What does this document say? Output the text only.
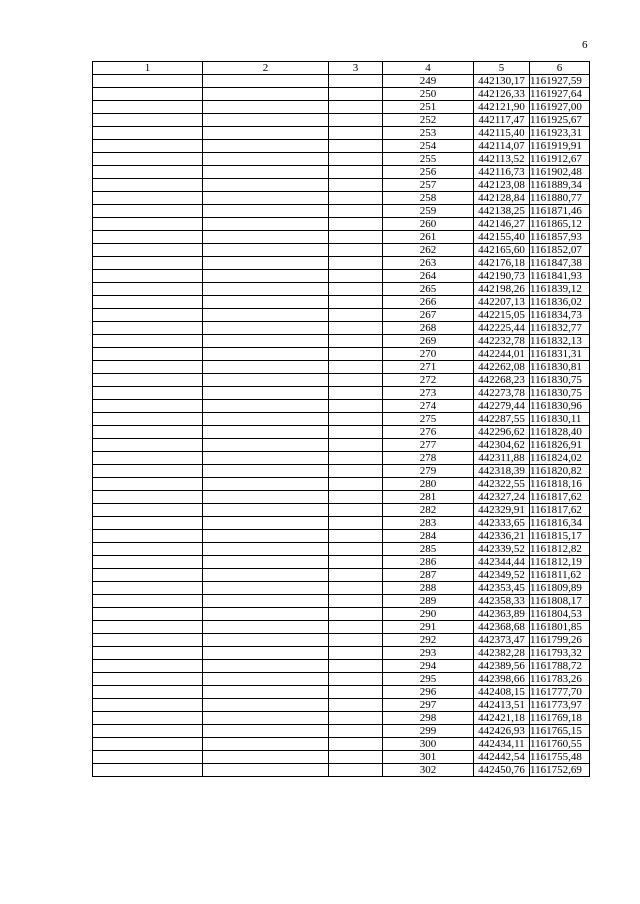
6
1	2	3	4	5	6
			249	442130,17	1161927,59
			250	442126,33	1161927,64
			251	442121,90	1161927,00
			252	442117,47	1161925,67
			253	442115,40	1161923,31
			254	442114,07	1161919,91
			255	442113,52	1161912,67
			256	442116,73	1161902,48
			257	442123,08	1161889,34
			258	442128,84	1161880,77
			259	442138,25	1161871,46
			260	442146,27	1161865,12
			261	442155,40	1161857,93
			262	442165,60	1161852,07
			263	442176,18	1161847,38
			264	442190,73	1161841,93
			265	442198,26	1161839,12
			266	442207,13	1161836,02
			267	442215,05	1161834,73
			268	442225,44	1161832,77
			269	442232,78	1161832,13
			270	442244,01	1161831,31
			271	442262,08	1161830,81
			272	442268,23	1161830,75
			273	442273,78	1161830,75
			274	442279,44	1161830,96
			275	442287,55	1161830,11
			276	442296,62	1161828,40
			277	442304,62	1161826,91
			278	442311,88	1161824,02
			279	442318,39	1161820,82
			280	442322,55	1161818,16
			281	442327,24	1161817,62
			282	442329,91	1161817,62
			283	442333,65	1161816,34
			284	442336,21	1161815,17
			285	442339,52	1161812,82
			286	442344,44	1161812,19
			287	442349,52	1161811,62
			288	442353,45	1161809,89
			289	442358,33	1161808,17
			290	442363,89	1161804,53
			291	442368,68	1161801,85
			292	442373,47	1161799,26
			293	442382,28	1161793,32
			294	442389,56	1161788,72
			295	442398,66	1161783,26
			296	442408,15	1161777,70
			297	442413,51	1161773,97
			298	442421,18	1161769,18
			299	442426,93	1161765,15
			300	442434,11	1161760,55
			301	442442,54	1161755,48
			302	442450,76	1161752,69
